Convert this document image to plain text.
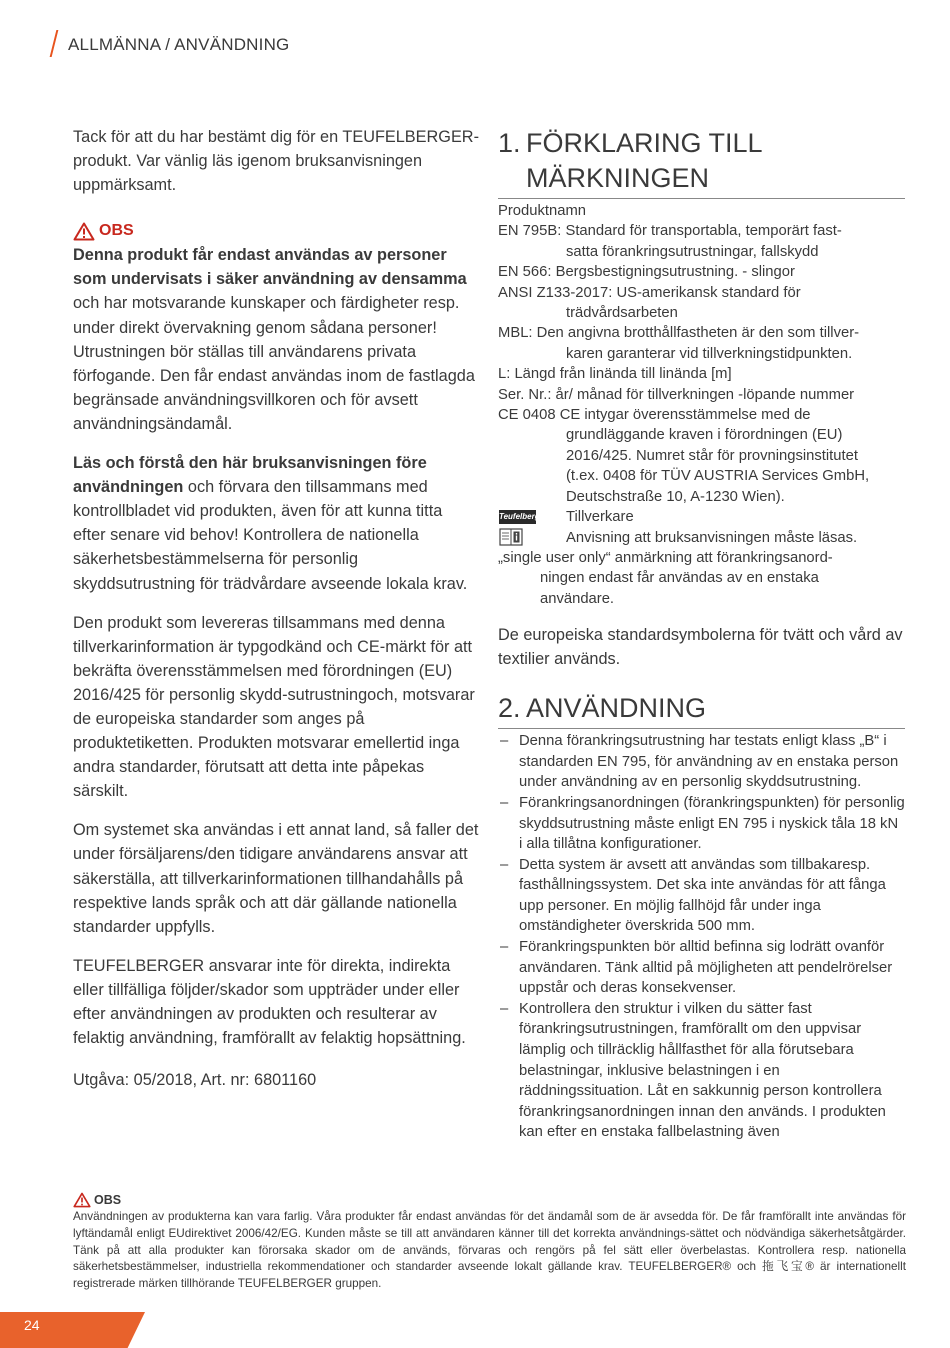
ALLMÄNNA / ANVÄNDNING

Tack för att du har bestämt dig för en TEUFELBERGER-produkt. Var vänlig läs igenom bruksanvisningen uppmärksamt.

OBS

Denna produkt får endast användas av personer som undervisats i säker användning av densamma och har motsvarande kunskaper och färdigheter resp. under direkt övervakning genom sådana personer! Utrustningen bör ställas till användarens privata förfogande. Den får endast användas inom de fastlagda begränsade användningsvillkoren och för avsett användningsändamål.

Läs och förstå den här bruksanvisningen före användningen och förvara den tillsammans med kontrollbladet vid produkten, även för att kunna titta efter senare vid behov! Kontrollera de nationella säkerhetsbestämmelserna för personlig skyddsutrustning för trädvårdare avseende lokala krav.

Den produkt som levereras tillsammans med denna tillverkarinformation är typgodkänd och CE-märkt för att bekräfta överensstämmelsen med förordningen (EU) 2016/425 för personlig skydd-sutrustningoch, motsvarar de europeiska standarder som anges på produktetiketten. Produkten motsvarar emellertid inga andra standarder, förutsatt att detta inte påpekas särskilt.

Om systemet ska användas i ett annat land, så faller det under försäljarens/den tidigare användarens ansvar att säkerställa, att tillverkarinformationen tillhandahålls på respektive lands språk och att där gällande nationella standarder uppfylls.

TEUFELBERGER ansvarar inte för direkta, indirekta eller tillfälliga följder/skador som uppträder under eller efter användningen av produkten och resulterar av felaktig användning, framförallt av felaktig hopsättning.

Utgåva: 05/2018, Art. nr: 6801160

1. FÖRKLARING TILL
MÄRKNINGEN
Produktnamn
EN 795B: Standard för transportabla, temporärt fast-
satta förankringsutrustningar, fallskydd
EN 566: Bergsbestigningsutrustning. - slingor
ANSI Z133-2017: US-amerikansk standard för
trädvårdsarbeten
MBL: Den angivna brotthållfastheten är den som tillver-
karen garanterar vid tillverkningstidpunkten.
L: Längd från linända till linända [m]
Ser. Nr.: år/ månad för tillverkningen -löpande nummer
CE 0408 CE intygar överensstämmelse med de
grundläggande kraven i förordningen (EU)
2016/425. Numret står för provningsinstitutet
(t.ex. 0408 för TÜV AUSTRIA Services GmbH,
Deutschstraße 10, A-1230 Wien).
Teufelberger Tillverkare
Anvisning att bruksanvisningen måste läsas.
„single user only“ anmärkning att förankringsanord-
ningen endast får användas av en enstaka
användare.

De europeiska standardsymbolerna för tvätt och vård av textilier används.

2. ANVÄNDNING
– Denna förankringsutrustning har testats enligt klass „B“ i standarden EN 795, för användning av en enstaka person under användning av en personlig skyddsutrustning.
– Förankringsanordningen (förankringspunkten) för personlig skyddsutrustning måste enligt EN 795 i nyskick tåla 18 kN i alla tillåtna konfigurationer.
– Detta system är avsett att användas som tillbakaresp. fasthållningssystem. Det ska inte användas för att fånga upp personer. En möjlig fallhöjd får under inga omständigheter överskrida 500 mm.
– Förankringspunkten bör alltid befinna sig lodrätt ovanför användaren. Tänk alltid på möjligheten att pendelrörelser uppstår och deras konsekvenser.
– Kontrollera den struktur i vilken du sätter fast förankringsutrustningen, framförallt om den uppvisar lämplig och tillräcklig hållfasthet för alla förutsebara belastningar, inklusive belastningen i en räddningssituation. Låt en sakkunnig person kontrollera förankringsanordningen innan den används. I produkten kan efter en enstaka fallbelastning även
OBS

Användningen av produkterna kan vara farlig. Våra produkter får endast användas för det ändamål som de är avsedda för. De får framförallt inte användas för lyftändamål enligt EUdirektivet 2006/42/EG. Kunden måste se till att användaren känner till det korrekta användnings-sättet och nödvändiga säkerhetsåtgärder. Tänk på att alla produkter kan förorsaka skador om de används, förvaras och rengörs på fel sätt eller överbelastas. Kontrollera resp. nationella säkerhetsbestämmelser, industriella rekommendationer och standarder avseende lokalt gällande krav. TEUFELBERGER® och 拖飞宝® är internationellt registrerade märken tillhörande TEUFELBERGER gruppen.

24
